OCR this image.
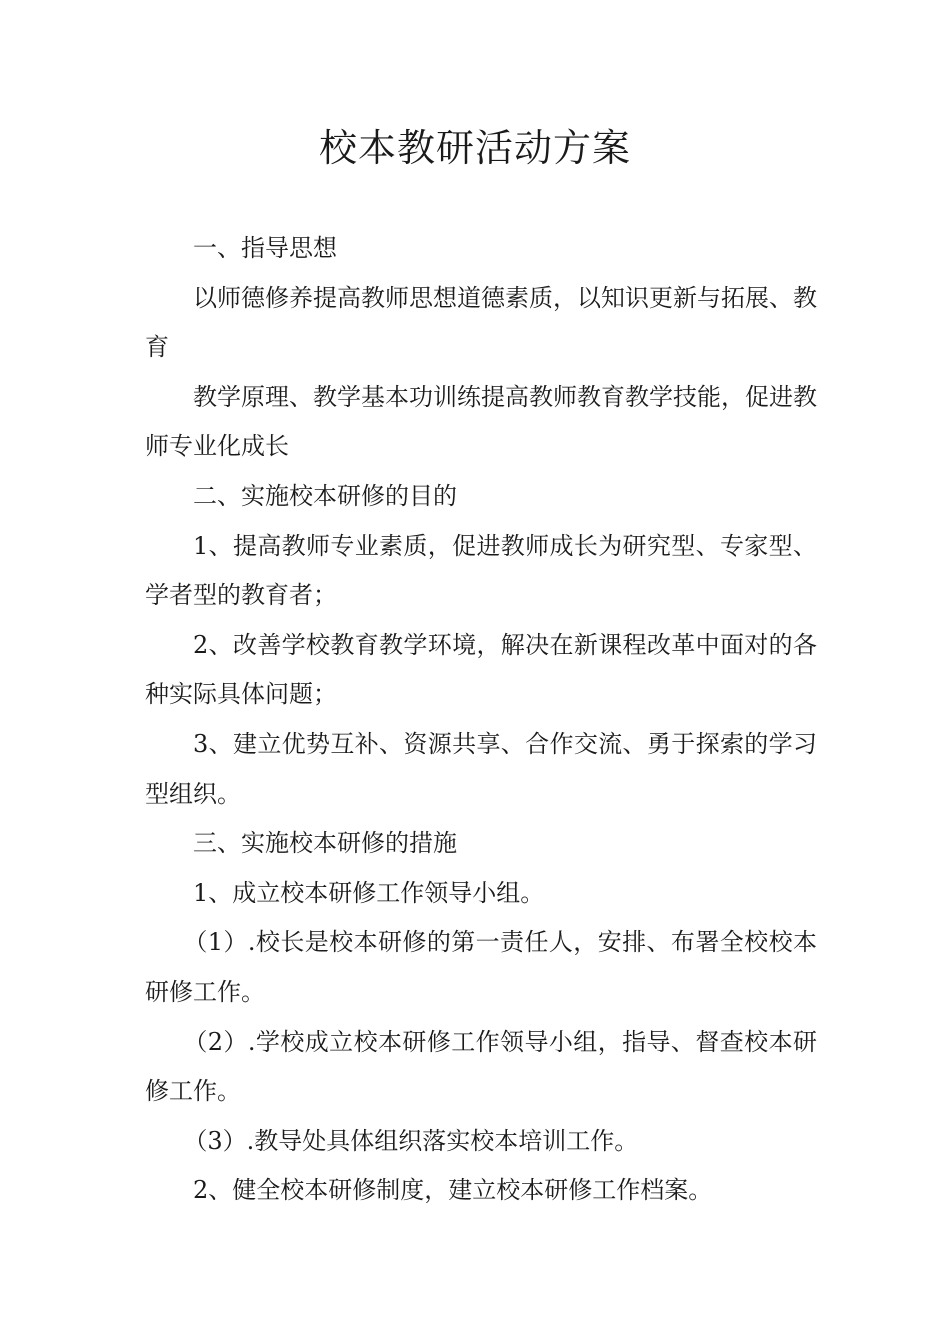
校本教研活动方案

一、指导思想

以师德修养提高教师思想道德素质，以知识更新与拓展、教育

教学原理、教学基本功训练提高教师教育教学技能，促进教师专业化成长

二、实施校本研修的目的

1、提高教师专业素质，促进教师成长为研究型、专家型、学者型的教育者；

2、改善学校教育教学环境，解决在新课程改革中面对的各种实际具体问题；

3、建立优势互补、资源共享、合作交流、勇于探索的学习型组织。

三、实施校本研修的措施

1、成立校本研修工作领导小组。

（1）.校长是校本研修的第一责任人，安排、布署全校校本研修工作。

（2）.学校成立校本研修工作领导小组，指导、督查校本研修工作。

（3）.教导处具体组织落实校本培训工作。

2、健全校本研修制度，建立校本研修工作档案。
